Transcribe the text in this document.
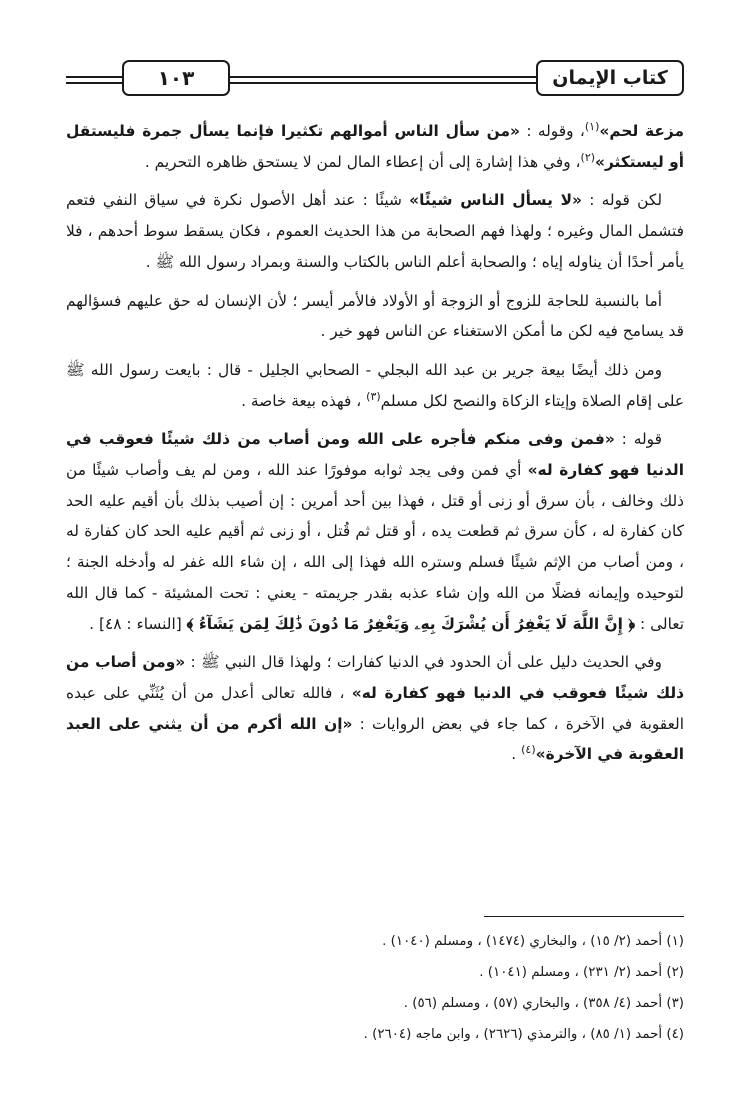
كتاب الإيمان
١٠٣

مزعة لحم»$^{(١)}$، وقوله : «من سأل الناس أموالهم تكثيرا فإنما يسأل جمرة فليستقل أو ليستكثر»$^{(٢)}$، وفي هذا إشارة إلى أن إعطاء المال لمن لا يستحق ظاهره التحريم .

لكن قوله : «لا يسأل الناس شيئًا» شيئًا : عند أهل الأصول نكرة في سياق النفي فتعم فتشمل المال وغيره ؛ ولهذا فهم الصحابة من هذا الحديث العموم ، فكان يسقط سوط أحدهم ، فلا يأمر أحدًا أن يناوله إياه ؛ والصحابة أعلم الناس بالكتاب والسنة وبمراد رسول الله ﷺ .

أما بالنسبة للحاجة للزوج أو الزوجة أو الأولاد فالأمر أيسر ؛ لأن الإنسان له حق عليهم فسؤالهم قد يسامح فيه لكن ما أمكن الاستغناء عن الناس فهو خير .

ومن ذلك أيضًا بيعة جرير بن عبد الله البجلي - الصحابي الجليل - قال : بايعت رسول الله ﷺ على إقام الصلاة وإيتاء الزكاة والنصح لكل مسلم$^{(٣)}$ ، فهذه بيعة خاصة .

قوله : «فمن وفى منكم فأجره على الله ومن أصاب من ذلك شيئًا فعوقب في الدنيا فهو كفارة له» أي فمن وفى يجد ثوابه موفورًا عند الله ، ومن لم يف وأصاب شيئًا من ذلك وخالف ، بأن سرق أو زنى أو قتل ، فهذا بين أحد أمرين : إن أصيب بذلك بأن أقيم عليه الحد كان كفارة له ، كأن سرق ثم قطعت يده ، أو قتل ثم قُتل ، أو زنى ثم أقيم عليه الحد كان كفارة له ، ومن أصاب من الإثم شيئًا فسلم وستره الله فهذا إلى الله ، إن شاء الله غفر له وأدخله الجنة ؛ لتوحيده وإيمانه فضلًا من الله وإن شاء عذبه بقدر جريمته - يعني : تحت المشيئة - كما قال الله تعالى : ﴿ إِنَّ اللَّهَ لَا يَغْفِرُ أَن يُشْرَكَ بِهِۦ وَيَغْفِرُ مَا دُونَ ذَٰلِكَ لِمَن يَشَآءُ ﴾ [النساء : ٤٨] .

وفي الحديث دليل على أن الحدود في الدنيا كفارات ؛ ولهذا قال النبي ﷺ : «ومن أصاب من ذلك شيئًا فعوقب في الدنيا فهو كفارة له» ، فالله تعالى أعدل من أن يُثَنِّي على عبده العقوبة في الآخرة ، كما جاء في بعض الروايات : «إن الله أكرم من أن يثني على العبد العقوبة في الآخرة»$^{(٤)}$ .

(١) أحمد (٢/ ١٥) ، والبخاري (١٤٧٤) ، ومسلم (١٠٤٠) .
(٢) أحمد (٢/ ٢٣١) ، ومسلم (١٠٤١) .
(٣) أحمد (٤/ ٣٥٨) ، والبخاري (٥٧) ، ومسلم (٥٦) .
(٤) أحمد (١/ ٨٥) ، والترمذي (٢٦٢٦) ، وابن ماجه (٢٦٠٤) .
